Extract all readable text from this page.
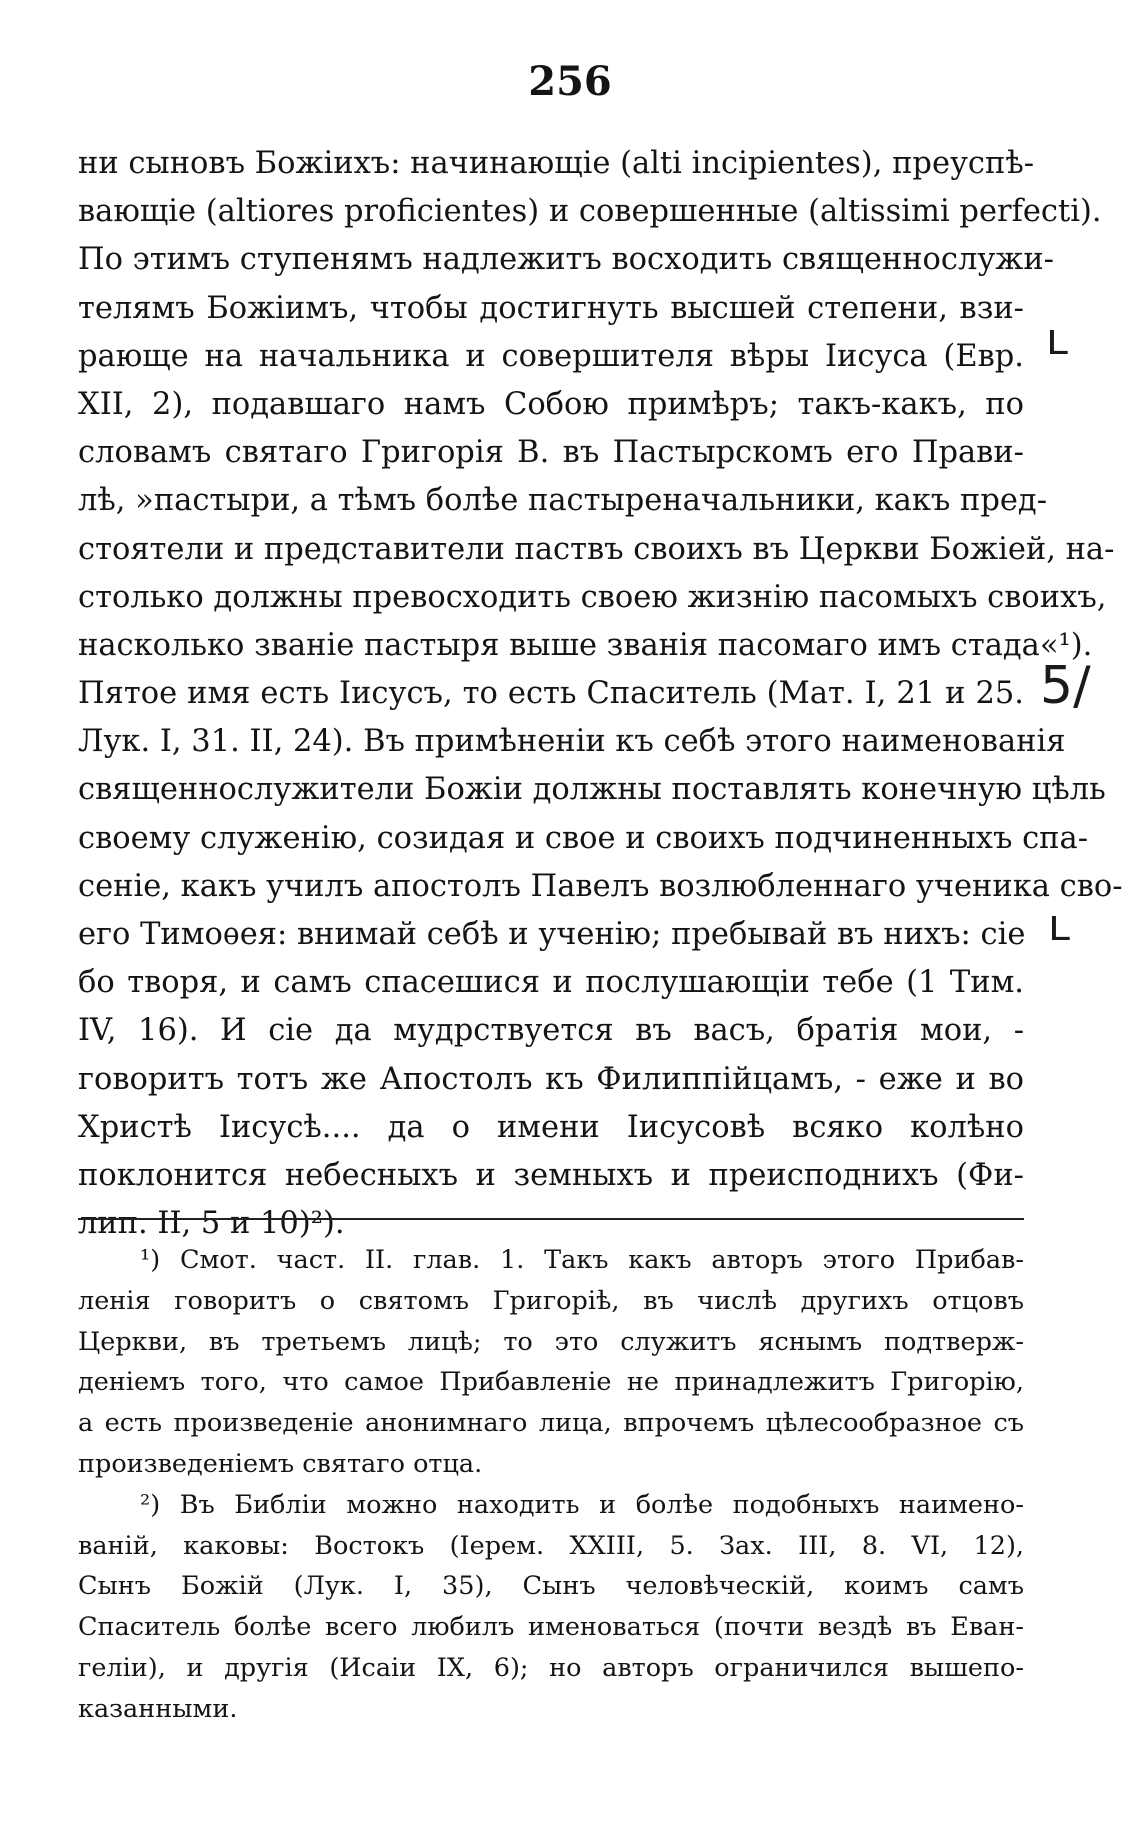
256
ни сыновъ Божіихъ: начинающіе (alti incipientes), преуспѣ-
вающіе (altiores proficientes) и совершенные (altissimi perfecti).
По этимъ ступенямъ надлежитъ восходить священнослужи-
телямъ Божіимъ, чтобы достигнуть высшей степени, взи-
рающе на начальника и совершителя вѣры Іисуса (Евр.
XII, 2), подавшаго намъ Собою примѣръ; такъ-какъ, по
словамъ святаго Григорія В. въ Пастырскомъ его Прави-
лѣ, »пастыри, а тѣмъ болѣе пастыреначальники, какъ пред-
стоятели и представители паствъ своихъ въ Церкви Божіей, на-
столько должны превосходить своею жизнію пасомыхъ своихъ,
насколько званіе пастыря выше званія пасомаго имъ стада«¹).
Пятое имя есть Іисусъ, то есть Спаситель (Мат. I, 21 и 25.
Лук. I, 31. II, 24). Въ примѣненіи къ себѣ этого наименованія
священнослужители Божіи должны поставлять конечную цѣль
своему служенію, созидая и свое и своихъ подчиненныхъ спа-
сеніе, какъ училъ апостолъ Павелъ возлюбленнаго ученика сво-
его Тимоѳея: внимай себѣ и ученію; пребывай въ нихъ: сіе
бо творя, и самъ спасешися и послушающіи тебе (1 Тим.
IV, 16). И сіе да мудрствуется въ васъ, братія мои, -
говоритъ тотъ же Апостолъ къ Филиппійцамъ, - еже и во
Христѣ Іисусѣ.... да о имени Іисусовѣ всяко колѣно
поклонится небесныхъ и земныхъ и преисподнихъ (Фи-
лип. II, 5 и 10)²).
¹) Смот. част. II. глав. 1. Такъ какъ авторъ этого Прибав-
ленія говоритъ о святомъ Григоріѣ, въ числѣ другихъ отцовъ
Церкви, въ третьемъ лицѣ; то это служитъ яснымъ подтверж-
деніемъ того, что самое Прибавленіе не принадлежитъ Григорію,
а есть произведеніе анонимнаго лица, впрочемъ цѣлесообразное съ
произведеніемъ святаго отца.
²) Въ Библіи можно находить и болѣе подобныхъ наимено-
ваній, каковы: Востокъ (Іерем. XXIII, 5. Зах. III, 8. VI, 12),
Сынъ Божій (Лук. I, 35), Сынъ человѣческій, коимъ самъ
Спаситель болѣе всего любилъ именоваться (почти вездѣ въ Еван-
геліи), и другія (Исаіи IX, 6); но авторъ ограничился вышепо-
казанными.
ʟ
5/
ʟ
